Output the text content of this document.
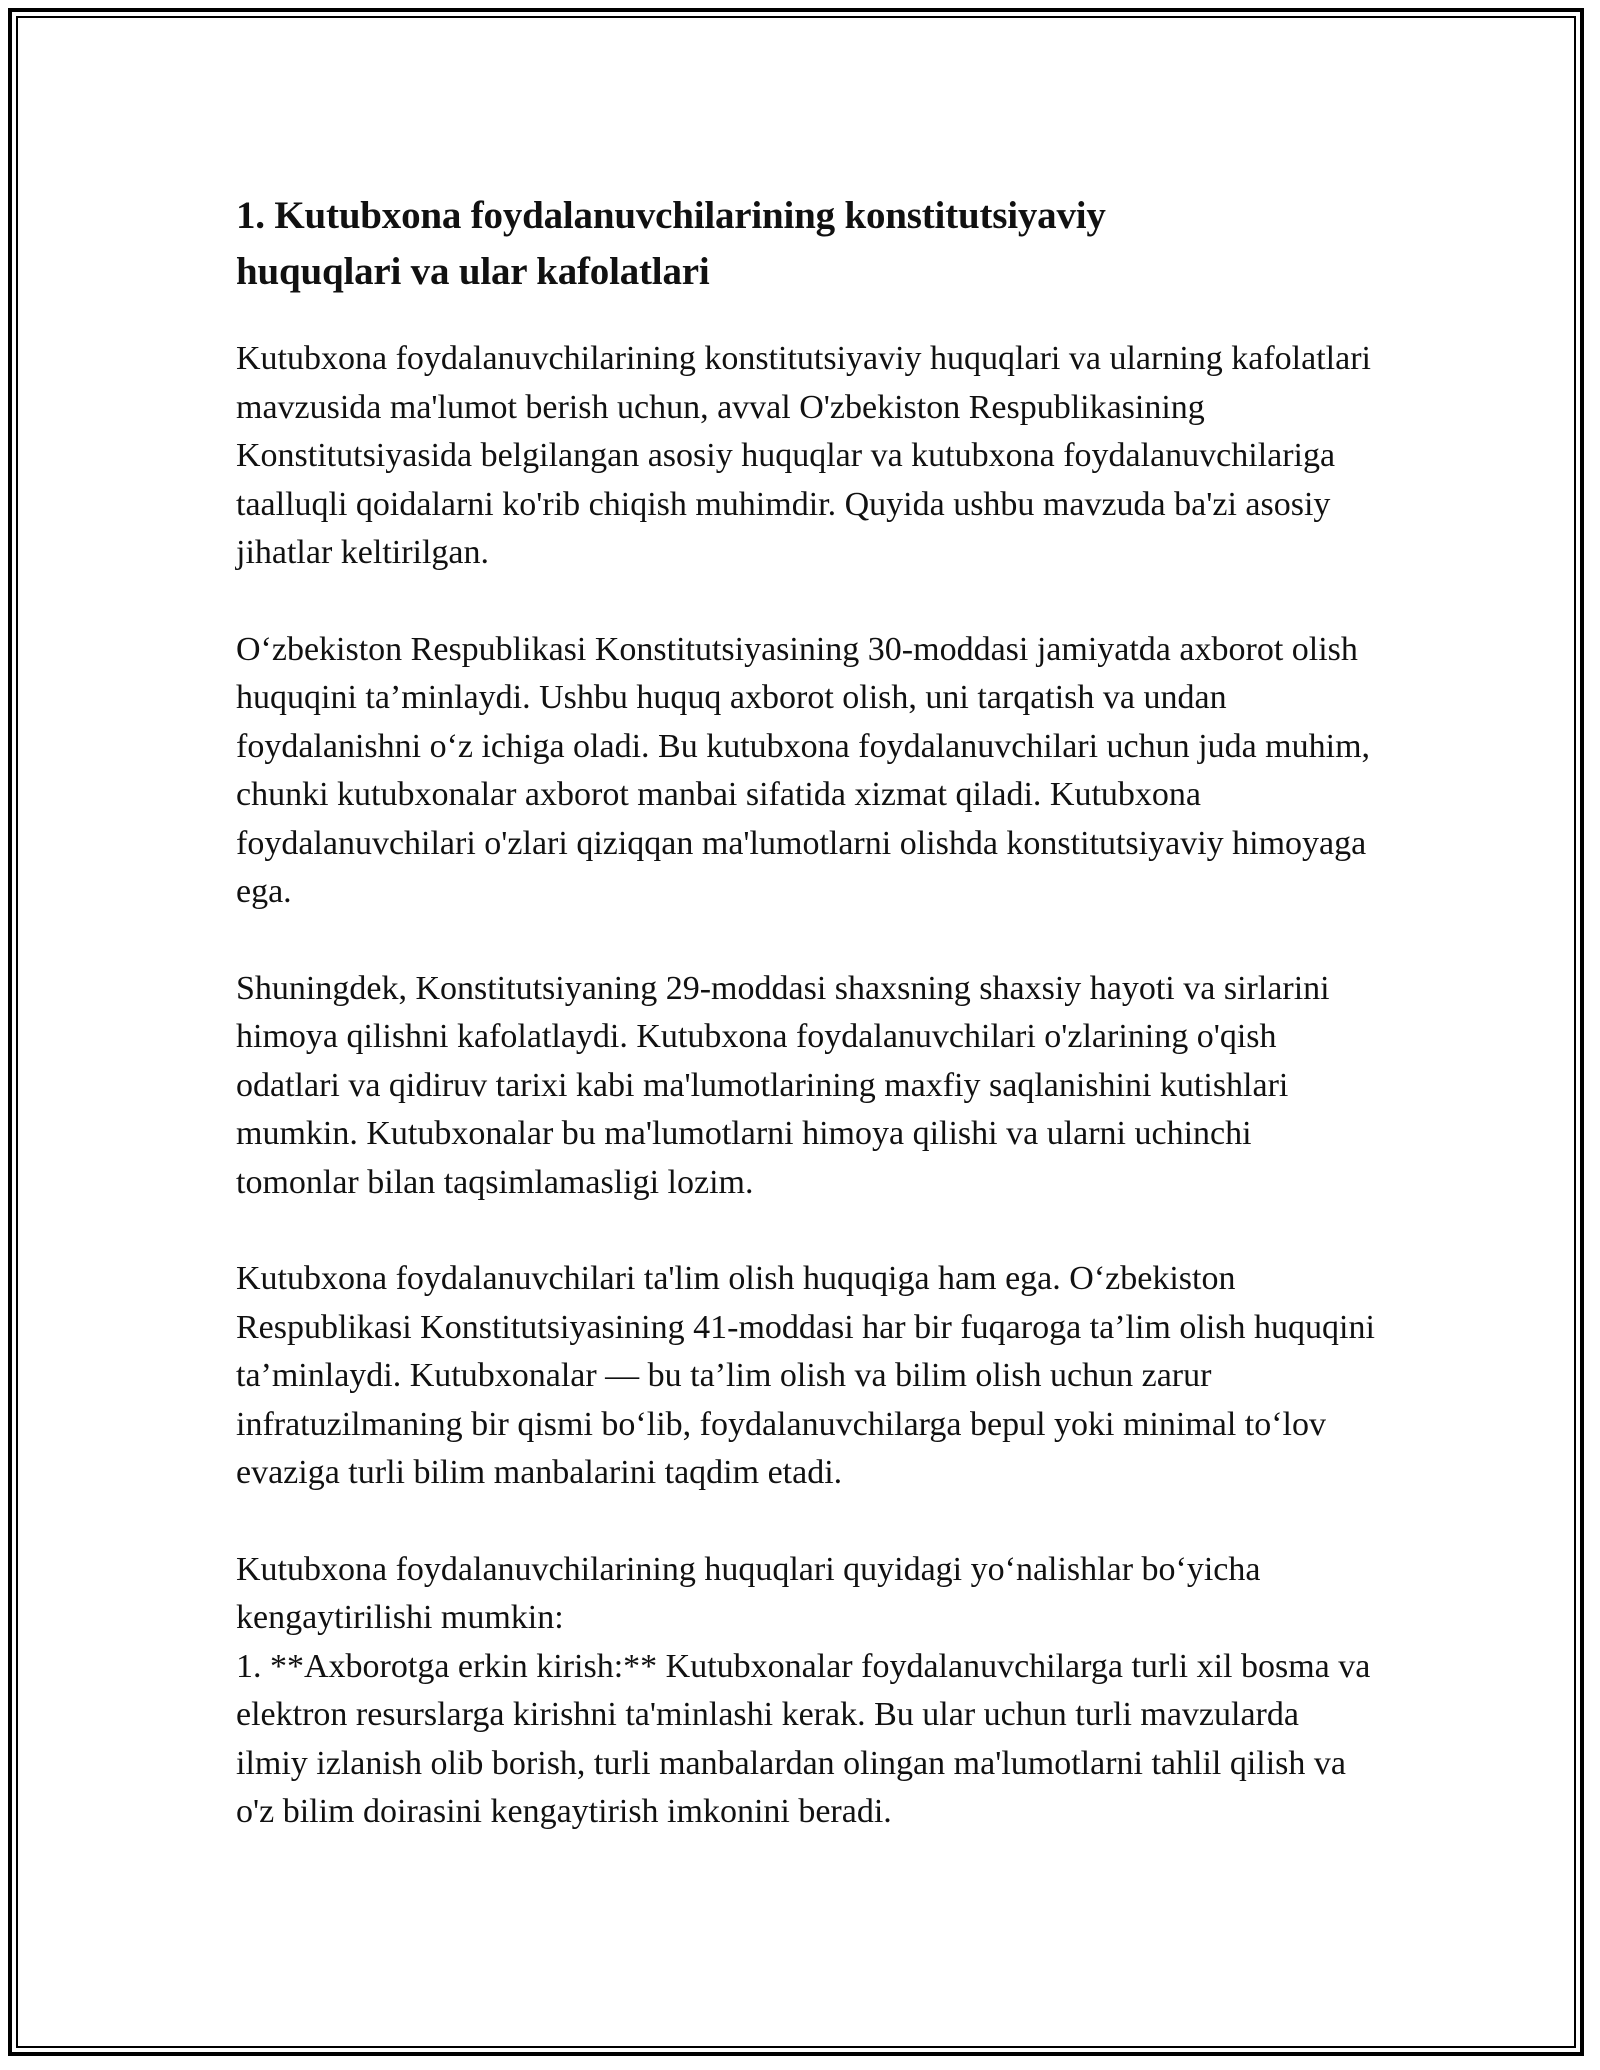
1. Kutubxona foydalanuvchilarining konstitutsiyaviy
huquqlari va ular kafolatlari

Kutubxona foydalanuvchilarining konstitutsiyaviy huquqlari va ularning kafolatlari mavzusida ma'lumot berish uchun, avval O'zbekiston Respublikasining Konstitutsiyasida belgilangan asosiy huquqlar va kutubxona foydalanuvchilariga taalluqli qoidalarni ko'rib chiqish muhimdir. Quyida ushbu mavzuda ba'zi asosiy jihatlar keltirilgan.

O‘zbekiston Respublikasi Konstitutsiyasining 30-moddasi jamiyatda axborot olish huquqini ta’minlaydi. Ushbu huquq axborot olish, uni tarqatish va undan foydalanishni o‘z ichiga oladi. Bu kutubxona foydalanuvchilari uchun juda muhim, chunki kutubxonalar axborot manbai sifatida xizmat qiladi. Kutubxona foydalanuvchilari o'zlari qiziqqan ma'lumotlarni olishda konstitutsiyaviy himoyaga ega.

Shuningdek, Konstitutsiyaning 29-moddasi shaxsning shaxsiy hayoti va sirlarini himoya qilishni kafolatlaydi. Kutubxona foydalanuvchilari o'zlarining o'qish odatlari va qidiruv tarixi kabi ma'lumotlarining maxfiy saqlanishini kutishlari mumkin. Kutubxonalar bu ma'lumotlarni himoya qilishi va ularni uchinchi tomonlar bilan taqsimlamasligi lozim.

Kutubxona foydalanuvchilari ta'lim olish huquqiga ham ega. O‘zbekiston Respublikasi Konstitutsiyasining 41-moddasi har bir fuqaroga ta’lim olish huquqini ta’minlaydi. Kutubxonalar — bu ta’lim olish va bilim olish uchun zarur infratuzilmaning bir qismi bo‘lib, foydalanuvchilarga bepul yoki minimal to‘lov evaziga turli bilim manbalarini taqdim etadi.

Kutubxona foydalanuvchilarining huquqlari quyidagi yo‘nalishlar bo‘yicha kengaytirilishi mumkin:

1. **Axborotga erkin kirish:** Kutubxonalar foydalanuvchilarga turli xil bosma va elektron resurslarga kirishni ta'minlashi kerak. Bu ular uchun turli mavzularda ilmiy izlanish olib borish, turli manbalardan olingan ma'lumotlarni tahlil qilish va o'z bilim doirasini kengaytirish imkonini beradi.
